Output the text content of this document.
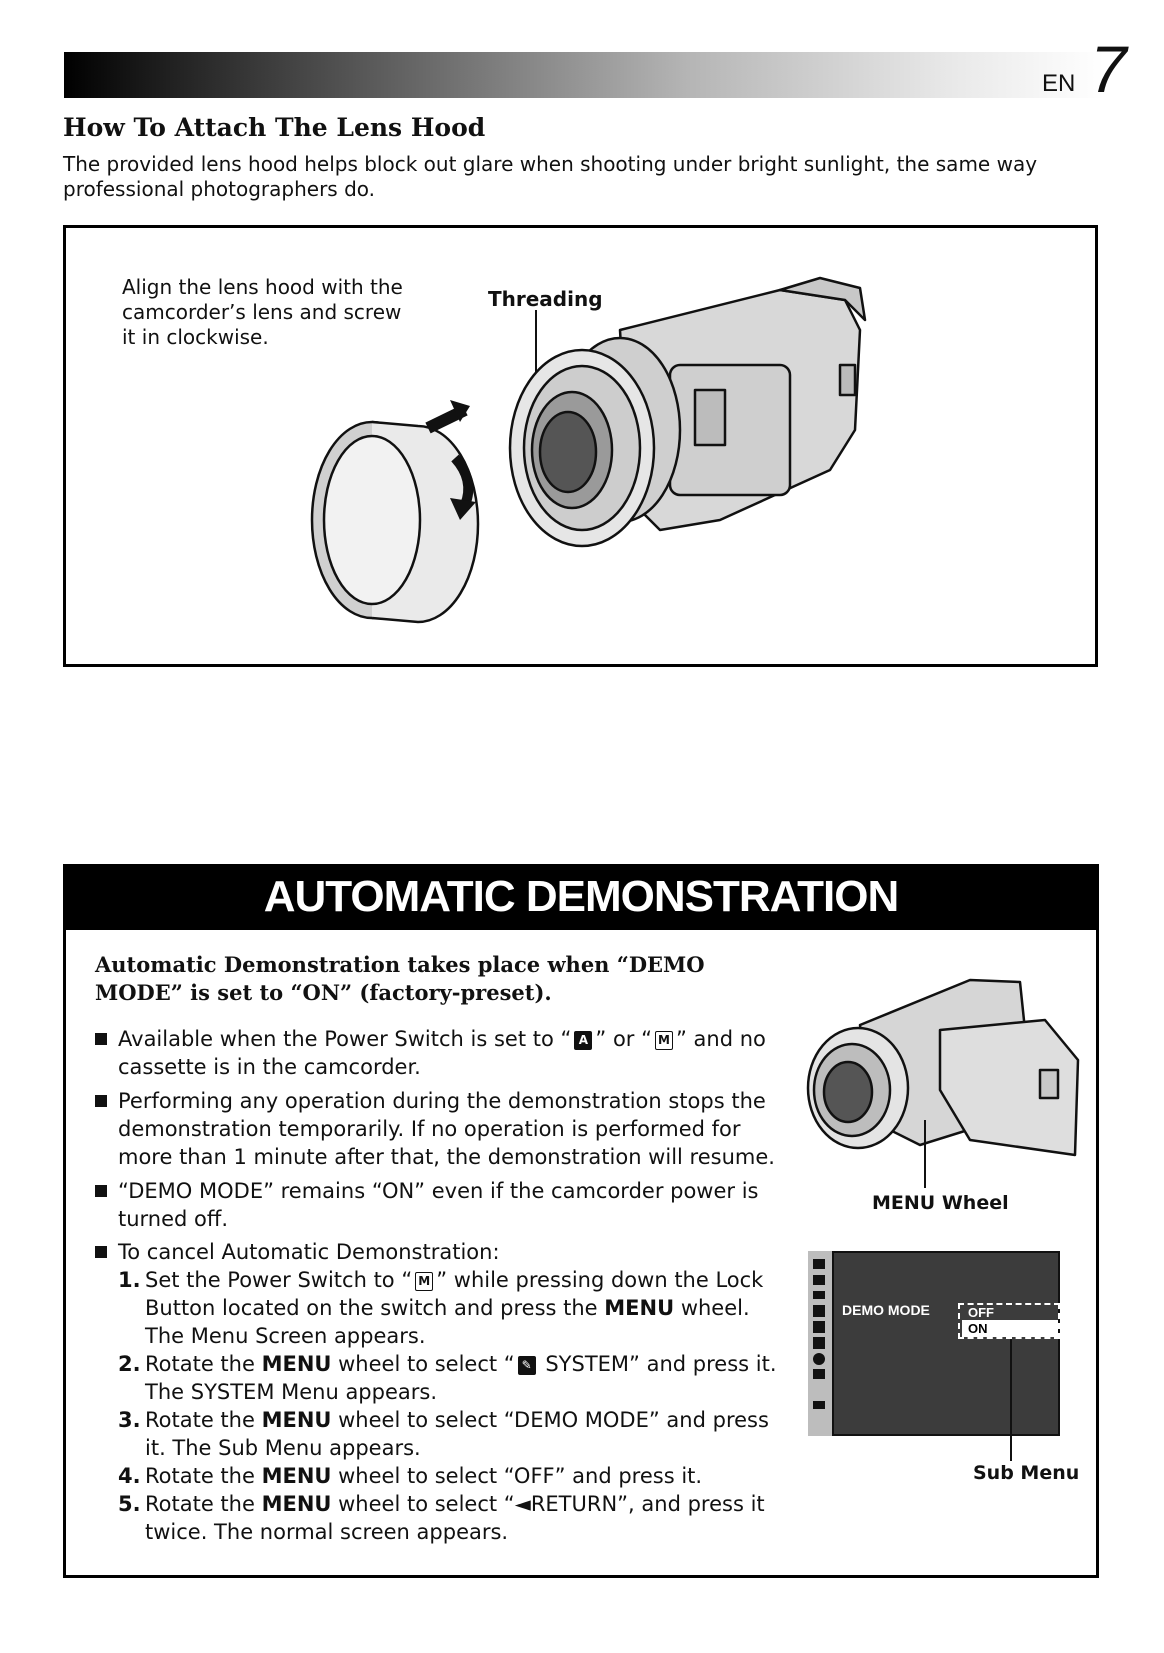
EN 7
How To Attach The Lens Hood
The provided lens hood helps block out glare when shooting under bright sunlight, the same way professional photographers do.
Align the lens hood with the camcorder’s lens and screw it in clockwise.
Threading
AUTOMATIC DEMONSTRATION
Automatic Demonstration takes place when “DEMO MODE” is set to “ON” (factory-preset).
Available when the Power Switch is set to “ A ” or “ M ” and no cassette is in the camcorder.
Performing any operation during the demonstration stops the demonstration temporarily. If no operation is performed for more than 1 minute after that, the demonstration will resume.
“DEMO MODE” remains “ON” even if the camcorder power is turned off.
To cancel Automatic Demonstration:
1. Set the Power Switch to “ M ” while pressing down the Lock Button located on the switch and press the MENU wheel. The Menu Screen appears.
2. Rotate the MENU wheel to select “ ✎ SYSTEM” and press it. The SYSTEM Menu appears.
3. Rotate the MENU wheel to select “DEMO MODE” and press it. The Sub Menu appears.
4. Rotate the MENU wheel to select “OFF” and press it.
5. Rotate the MENU wheel to select “◄RETURN”, and press it twice. The normal screen appears.
MENU Wheel
DEMO MODE	OFF
ON
Sub Menu
